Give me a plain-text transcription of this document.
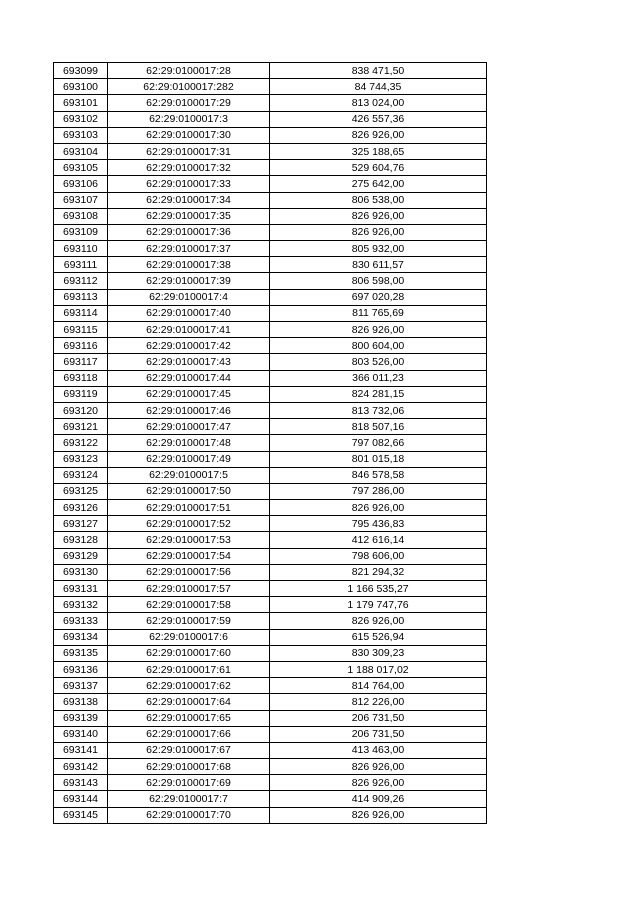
693099	62:29:0100017:28	838 471,50
693100	62:29:0100017:282	84 744,35
693101	62:29:0100017:29	813 024,00
693102	62:29:0100017:3	426 557,36
693103	62:29:0100017:30	826 926,00
693104	62:29:0100017:31	325 188,65
693105	62:29:0100017:32	529 604,76
693106	62:29:0100017:33	275 642,00
693107	62:29:0100017:34	806 538,00
693108	62:29:0100017:35	826 926,00
693109	62:29:0100017:36	826 926,00
693110	62:29:0100017:37	805 932,00
693111	62:29:0100017:38	830 611,57
693112	62:29:0100017:39	806 598,00
693113	62:29:0100017:4	697 020,28
693114	62:29:0100017:40	811 765,69
693115	62:29:0100017:41	826 926,00
693116	62:29:0100017:42	800 604,00
693117	62:29:0100017:43	803 526,00
693118	62:29:0100017:44	366 011,23
693119	62:29:0100017:45	824 281,15
693120	62:29:0100017:46	813 732,06
693121	62:29:0100017:47	818 507,16
693122	62:29:0100017:48	797 082,66
693123	62:29:0100017:49	801 015,18
693124	62:29:0100017:5	846 578,58
693125	62:29:0100017:50	797 286,00
693126	62:29:0100017:51	826 926,00
693127	62:29:0100017:52	795 436,83
693128	62:29:0100017:53	412 616,14
693129	62:29:0100017:54	798 606,00
693130	62:29:0100017:56	821 294,32
693131	62:29:0100017:57	1 166 535,27
693132	62:29:0100017:58	1 179 747,76
693133	62:29:0100017:59	826 926,00
693134	62:29:0100017:6	615 526,94
693135	62:29:0100017:60	830 309,23
693136	62:29:0100017:61	1 188 017,02
693137	62:29:0100017:62	814 764,00
693138	62:29:0100017:64	812 226,00
693139	62:29:0100017:65	206 731,50
693140	62:29:0100017:66	206 731,50
693141	62:29:0100017:67	413 463,00
693142	62:29:0100017:68	826 926,00
693143	62:29:0100017:69	826 926,00
693144	62:29:0100017:7	414 909,26
693145	62:29:0100017:70	826 926,00
